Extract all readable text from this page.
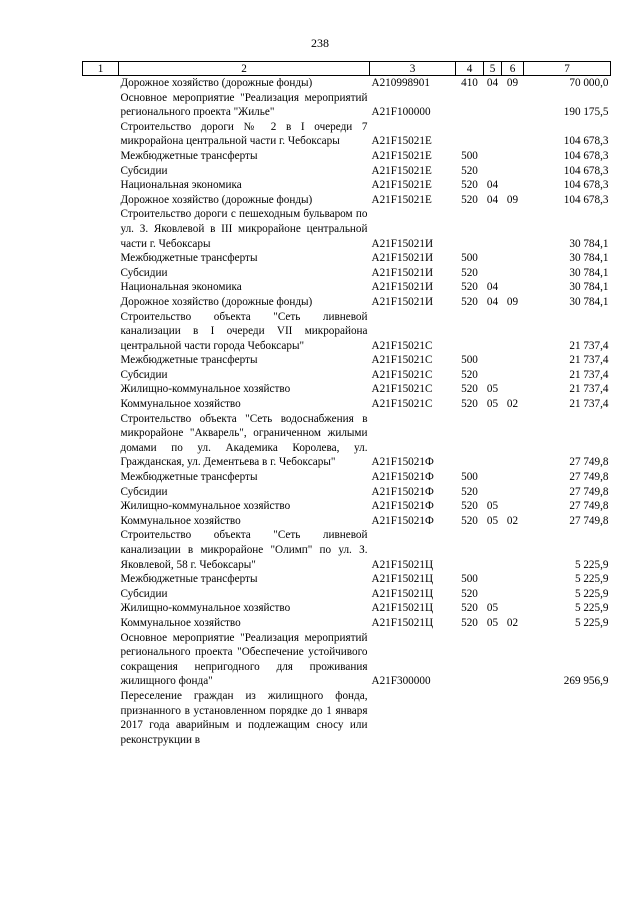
238
1	2	3	4	5	6	7
	Дорожное хозяйство (дорожные фонды)	А210998901	410	04	09	70 000,0
	Основное мероприятие "Реализация мероприятий регионального проекта "Жилье"	А21F100000				190 175,5
	Строительство дороги № 2 в I очереди 7 микрорайона центральной части г. Чебоксары	А21F15021Е				104 678,3
	Межбюджетные трансферты	А21F15021Е	500			104 678,3
	Субсидии	А21F15021Е	520			104 678,3
	Национальная экономика	А21F15021Е	520	04		104 678,3
	Дорожное хозяйство (дорожные фонды)	А21F15021Е	520	04	09	104 678,3
	Строительство дороги с пешеходным бульваром по ул. З. Яковлевой в III микрорайоне центральной части г. Чебоксары	А21F15021И				30 784,1
	Межбюджетные трансферты	А21F15021И	500			30 784,1
	Субсидии	А21F15021И	520			30 784,1
	Национальная экономика	А21F15021И	520	04		30 784,1
	Дорожное хозяйство (дорожные фонды)	А21F15021И	520	04	09	30 784,1
	Строительство объекта "Сеть ливневой канализации в I очереди VII микрорайона центральной части города Чебоксары"	А21F15021С				21 737,4
	Межбюджетные трансферты	А21F15021С	500			21 737,4
	Субсидии	А21F15021С	520			21 737,4
	Жилищно-коммунальное хозяйство	А21F15021С	520	05		21 737,4
	Коммунальное хозяйство	А21F15021С	520	05	02	21 737,4
	Строительство объекта "Сеть водоснабжения в микрорайоне "Акварель", ограниченном жилыми домами по ул. Академика Королева, ул. Гражданская, ул. Дементьева в г. Чебоксары"	А21F15021Ф				27 749,8
	Межбюджетные трансферты	А21F15021Ф	500			27 749,8
	Субсидии	А21F15021Ф	520			27 749,8
	Жилищно-коммунальное хозяйство	А21F15021Ф	520	05		27 749,8
	Коммунальное хозяйство	А21F15021Ф	520	05	02	27 749,8
	Строительство объекта "Сеть ливневой канализации в микрорайоне "Олимп" по ул. З. Яковлевой, 58 г. Чебоксары"	А21F15021Ц				5 225,9
	Межбюджетные трансферты	А21F15021Ц	500			5 225,9
	Субсидии	А21F15021Ц	520			5 225,9
	Жилищно-коммунальное хозяйство	А21F15021Ц	520	05		5 225,9
	Коммунальное хозяйство	А21F15021Ц	520	05	02	5 225,9
	Основное мероприятие "Реализация мероприятий регионального проекта "Обеспечение устойчивого сокращения непригодного для проживания жилищного фонда"	А21F300000				269 956,9
	Переселение граждан из жилищного фонда, признанного в установленном порядке до 1 января 2017 года аварийным и подлежащим сносу или реконструкции в					
